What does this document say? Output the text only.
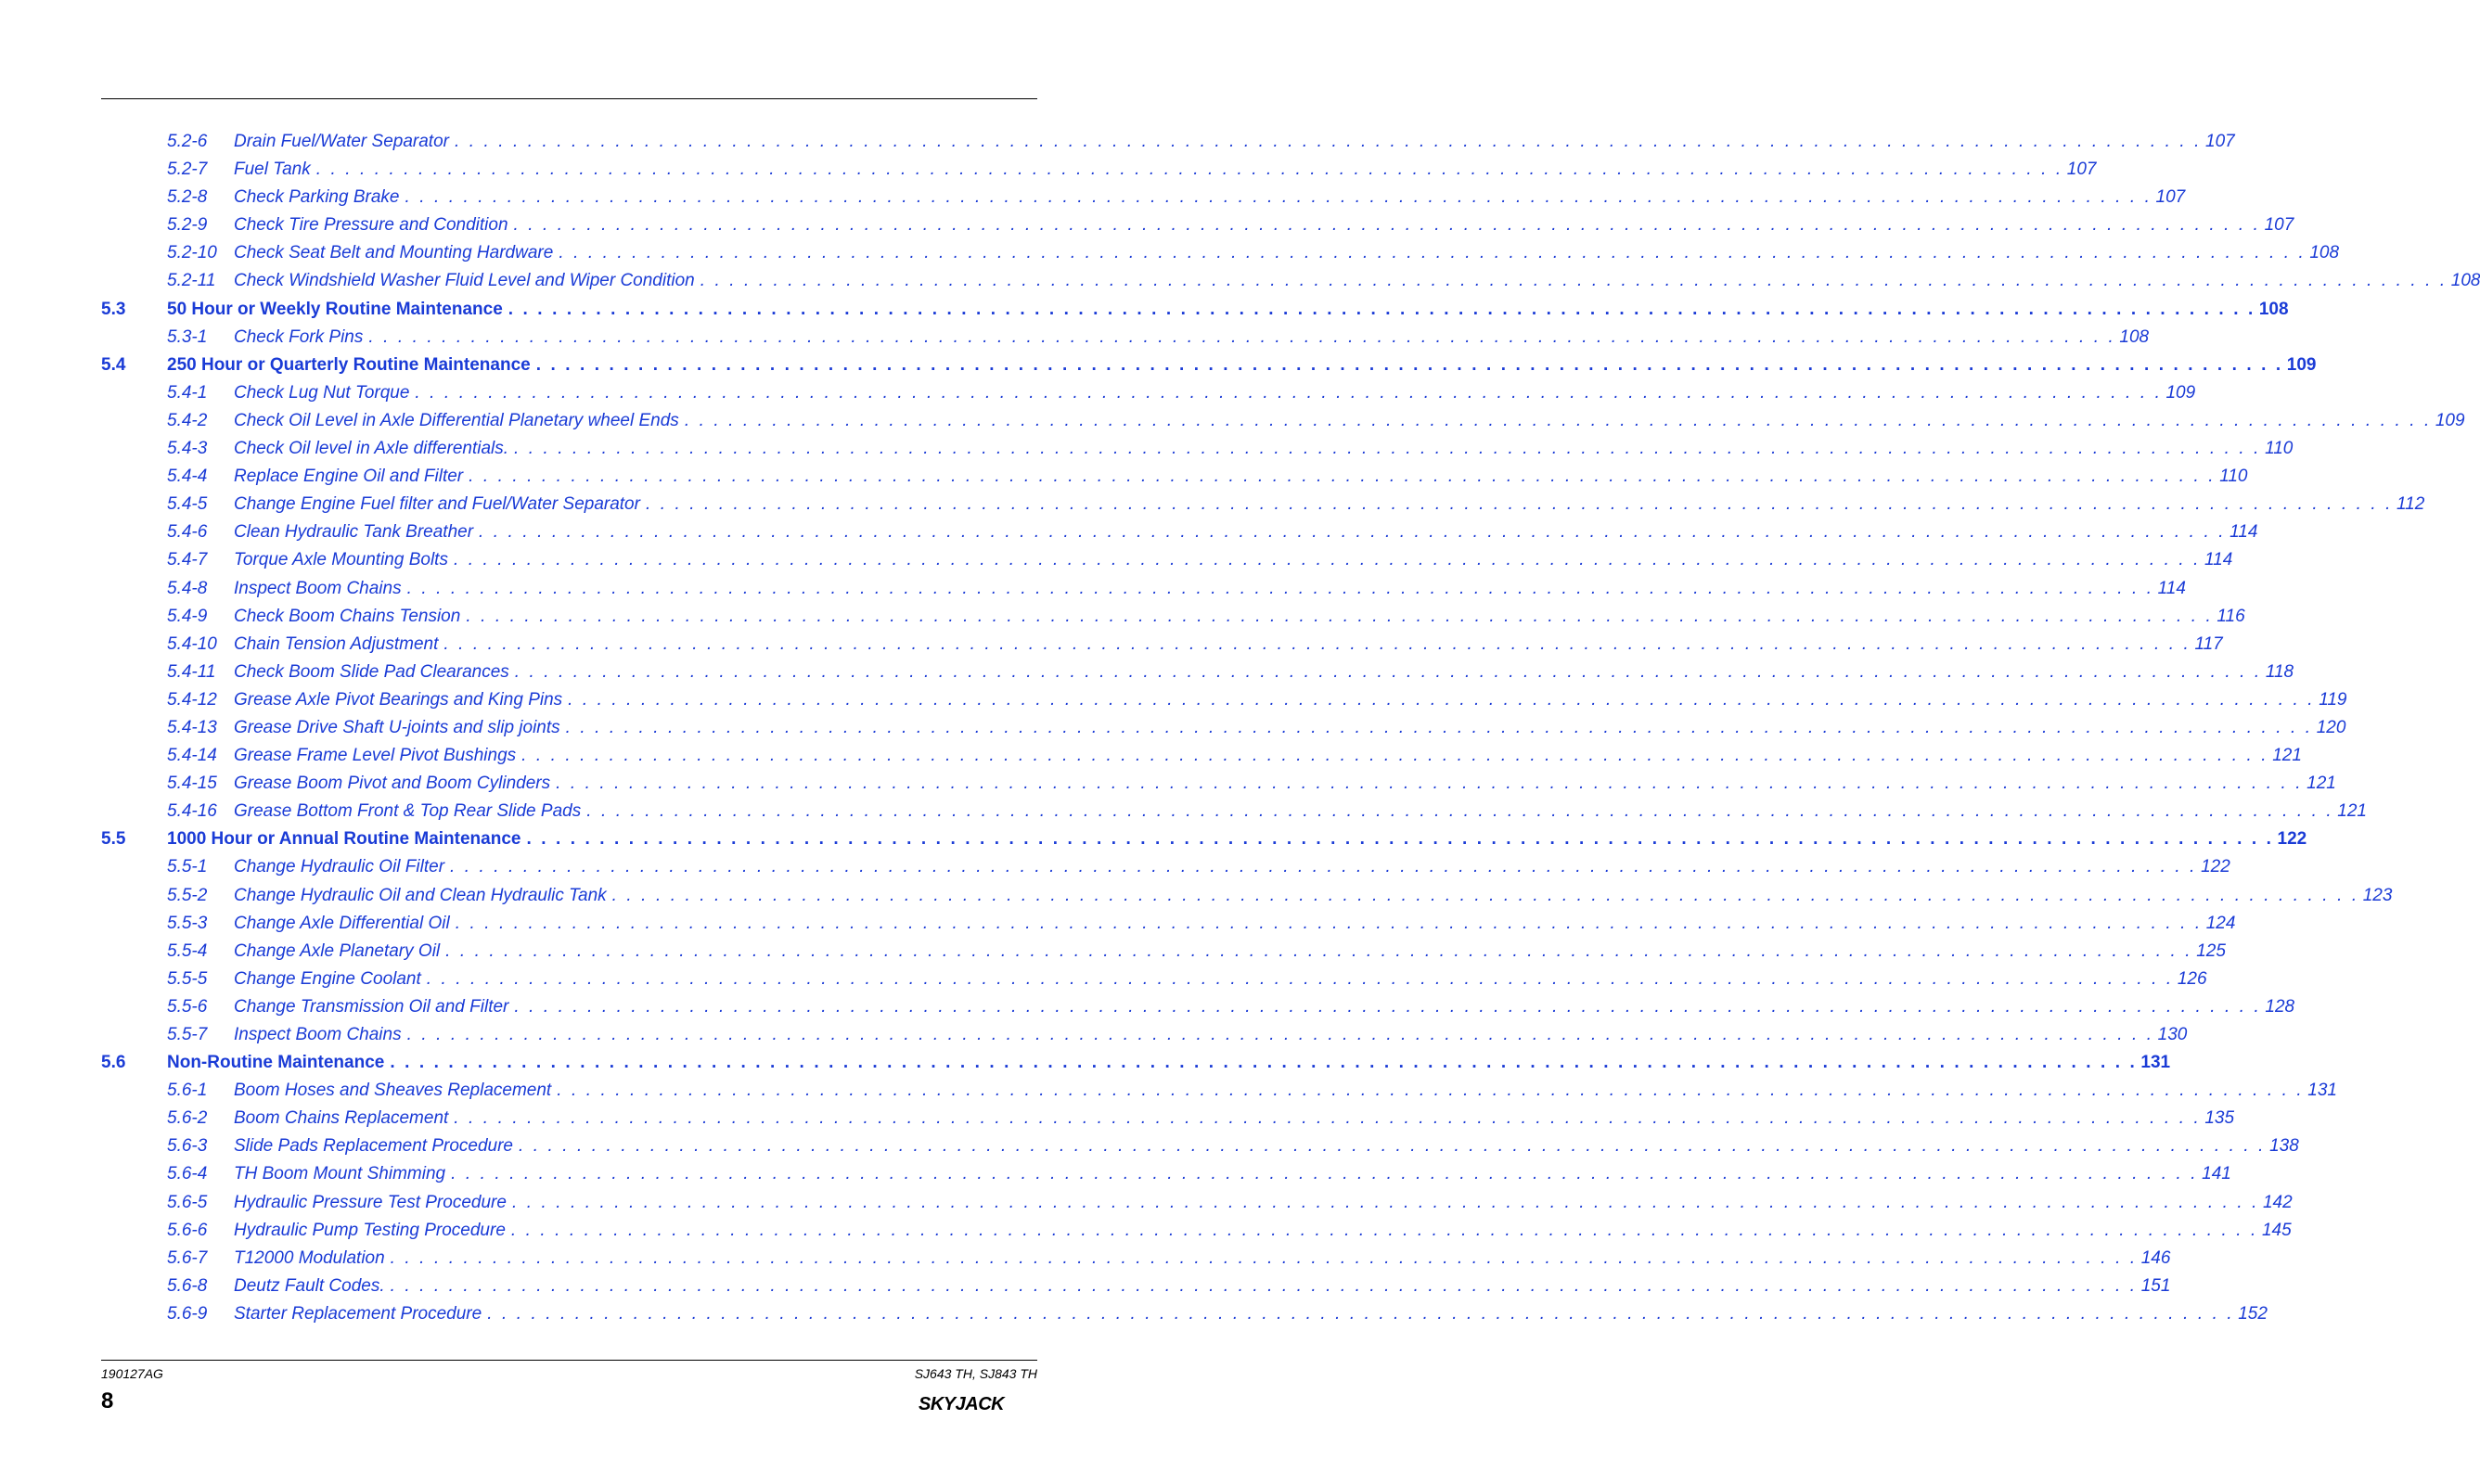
5.2-6 Drain Fuel/Water Separator . . . . . . . . . . . . . . . . . . . . . . . . . . . . . . . . . . . . . . . . . . . . . . . . . . . . . . . . . . . . . . . . . . . . . . . . . . . . . . . . . . . . . . . . . . . . . . . . . . . . . . . . . . . . . . . . . . . . . . . . 107
5.2-7 Fuel Tank . . . . . . . . . . . . . . . . . . . . . . . . . . . . . . . . . . . . . . . . . . . . . . . . . . . . . . . . . . . . . . . . . . . . . . . . . . . . . . . . . . . . . . . . . . . . . . . . . . . . . . . . . . . . . . . . . . . . . . . . 107
5.2-8 Check Parking Brake . . . . . . . . . . . . . . . . . . . . . . . . . . . . . . . . . . . . . . . . . . . . . . . . . . . . . . . . . . . . . . . . . . . . . . . . . . . . . . . . . . . . . . . . . . . . . . . . . . . . . . . . . . . . . . . . . . . . . . . . 107
5.2-9 Check Tire Pressure and Condition . . . . . . . . . . . . . . . . . . . . . . . . . . . . . . . . . . . . . . . . . . . . . . . . . . . . . . . . . . . . . . . . . . . . . . . . . . . . . . . . . . . . . . . . . . . . . . . . . . . . . . . . . . . . . . . . . . . . . . . . 107
5.2-10 Check Seat Belt and Mounting Hardware . . . . . . . . . . . . . . . . . . . . . . . . . . . . . . . . . . . . . . . . . . . . . . . . . . . . . . . . . . . . . . . . . . . . . . . . . . . . . . . . . . . . . . . . . . . . . . . . . . . . . . . . . . . . . . . . . . . . . . . . 108
5.2-11 Check Windshield Washer Fluid Level and Wiper Condition . . . . . . . . . . . . . . . . . . . . . . . . . . . . . . . . . . . . . . . . . . . . . . . . . . . . . . . . . . . . . . . . . . . . . . . . . . . . . . . . . . . . . . . . . . . . . . . . . . . . . . . . . . . . . . . . . . . . . . . . 108
5.3 50 Hour or Weekly Routine Maintenance . . . . . . . . . . . . . . . . . . . . . . . . . . . . . . . . . . . . . . . . . . . . . . . . . . . . . . . . . . . . . . . . . . . . . . . . . . . . . . . . . . . . . . . . . . . . . . . . . . . . . . . . . . . . . . . . . . . . . . . . 108
5.3-1 Check Fork Pins . . . . . . . . . . . . . . . . . . . . . . . . . . . . . . . . . . . . . . . . . . . . . . . . . . . . . . . . . . . . . . . . . . . . . . . . . . . . . . . . . . . . . . . . . . . . . . . . . . . . . . . . . . . . . . . . . . . . . . . . 108
5.4 250 Hour or Quarterly Routine Maintenance . . . . . . . . . . . . . . . . . . . . . . . . . . . . . . . . . . . . . . . . . . . . . . . . . . . . . . . . . . . . . . . . . . . . . . . . . . . . . . . . . . . . . . . . . . . . . . . . . . . . . . . . . . . . . . . . . . . . . . . . 109
5.4-1 Check Lug Nut Torque . . . . . . . . . . . . . . . . . . . . . . . . . . . . . . . . . . . . . . . . . . . . . . . . . . . . . . . . . . . . . . . . . . . . . . . . . . . . . . . . . . . . . . . . . . . . . . . . . . . . . . . . . . . . . . . . . . . . . . . . 109
5.4-2 Check Oil Level in Axle Differential Planetary wheel Ends . . . . . . . . . . . . . . . . . . . . . . . . . . . . . . . . . . . . . . . . . . . . . . . . . . . . . . . . . . . . . . . . . . . . . . . . . . . . . . . . . . . . . . . . . . . . . . . . . . . . . . . . . . . . . . . . . . . . . . . . 109
5.4-3 Check Oil level in Axle differentials. . . . . . . . . . . . . . . . . . . . . . . . . . . . . . . . . . . . . . . . . . . . . . . . . . . . . . . . . . . . . . . . . . . . . . . . . . . . . . . . . . . . . . . . . . . . . . . . . . . . . . . . . . . . . . . . . . . . . . . . . 110
5.4-4 Replace Engine Oil and Filter . . . . . . . . . . . . . . . . . . . . . . . . . . . . . . . . . . . . . . . . . . . . . . . . . . . . . . . . . . . . . . . . . . . . . . . . . . . . . . . . . . . . . . . . . . . . . . . . . . . . . . . . . . . . . . . . . . . . . . . . 110
5.4-5 Change Engine Fuel filter and Fuel/Water Separator . . . . . . . . . . . . . . . . . . . . . . . . . . . . . . . . . . . . . . . . . . . . . . . . . . . . . . . . . . . . . . . . . . . . . . . . . . . . . . . . . . . . . . . . . . . . . . . . . . . . . . . . . . . . . . . . . . . . . . . . 112
5.4-6 Clean Hydraulic Tank Breather . . . . . . . . . . . . . . . . . . . . . . . . . . . . . . . . . . . . . . . . . . . . . . . . . . . . . . . . . . . . . . . . . . . . . . . . . . . . . . . . . . . . . . . . . . . . . . . . . . . . . . . . . . . . . . . . . . . . . . . . 114
5.4-7 Torque Axle Mounting Bolts . . . . . . . . . . . . . . . . . . . . . . . . . . . . . . . . . . . . . . . . . . . . . . . . . . . . . . . . . . . . . . . . . . . . . . . . . . . . . . . . . . . . . . . . . . . . . . . . . . . . . . . . . . . . . . . . . . . . . . . . 114
5.4-8 Inspect Boom Chains . . . . . . . . . . . . . . . . . . . . . . . . . . . . . . . . . . . . . . . . . . . . . . . . . . . . . . . . . . . . . . . . . . . . . . . . . . . . . . . . . . . . . . . . . . . . . . . . . . . . . . . . . . . . . . . . . . . . . . . . 114
5.4-9 Check Boom Chains Tension . . . . . . . . . . . . . . . . . . . . . . . . . . . . . . . . . . . . . . . . . . . . . . . . . . . . . . . . . . . . . . . . . . . . . . . . . . . . . . . . . . . . . . . . . . . . . . . . . . . . . . . . . . . . . . . . . . . . . . . . 116
5.4-10 Chain Tension Adjustment . . . . . . . . . . . . . . . . . . . . . . . . . . . . . . . . . . . . . . . . . . . . . . . . . . . . . . . . . . . . . . . . . . . . . . . . . . . . . . . . . . . . . . . . . . . . . . . . . . . . . . . . . . . . . . . . . . . . . . . . 117
5.4-11 Check Boom Slide Pad Clearances . . . . . . . . . . . . . . . . . . . . . . . . . . . . . . . . . . . . . . . . . . . . . . . . . . . . . . . . . . . . . . . . . . . . . . . . . . . . . . . . . . . . . . . . . . . . . . . . . . . . . . . . . . . . . . . . . . . . . . . . 118
5.4-12 Grease Axle Pivot Bearings and King Pins . . . . . . . . . . . . . . . . . . . . . . . . . . . . . . . . . . . . . . . . . . . . . . . . . . . . . . . . . . . . . . . . . . . . . . . . . . . . . . . . . . . . . . . . . . . . . . . . . . . . . . . . . . . . . . . . . . . . . . . . 119
5.4-13 Grease Drive Shaft U-joints and slip joints . . . . . . . . . . . . . . . . . . . . . . . . . . . . . . . . . . . . . . . . . . . . . . . . . . . . . . . . . . . . . . . . . . . . . . . . . . . . . . . . . . . . . . . . . . . . . . . . . . . . . . . . . . . . . . . . . . . . . . . . 120
5.4-14 Grease Frame Level Pivot Bushings . . . . . . . . . . . . . . . . . . . . . . . . . . . . . . . . . . . . . . . . . . . . . . . . . . . . . . . . . . . . . . . . . . . . . . . . . . . . . . . . . . . . . . . . . . . . . . . . . . . . . . . . . . . . . . . . . . . . . . . . 121
5.4-15 Grease Boom Pivot and Boom Cylinders . . . . . . . . . . . . . . . . . . . . . . . . . . . . . . . . . . . . . . . . . . . . . . . . . . . . . . . . . . . . . . . . . . . . . . . . . . . . . . . . . . . . . . . . . . . . . . . . . . . . . . . . . . . . . . . . . . . . . . . . 121
5.4-16 Grease Bottom Front & Top Rear Slide Pads . . . . . . . . . . . . . . . . . . . . . . . . . . . . . . . . . . . . . . . . . . . . . . . . . . . . . . . . . . . . . . . . . . . . . . . . . . . . . . . . . . . . . . . . . . . . . . . . . . . . . . . . . . . . . . . . . . . . . . . . 121
5.5 1000 Hour or Annual Routine Maintenance . . . . . . . . . . . . . . . . . . . . . . . . . . . . . . . . . . . . . . . . . . . . . . . . . . . . . . . . . . . . . . . . . . . . . . . . . . . . . . . . . . . . . . . . . . . . . . . . . . . . . . . . . . . . . . . . . . . . . . . . 122
5.5-1 Change Hydraulic Oil Filter . . . . . . . . . . . . . . . . . . . . . . . . . . . . . . . . . . . . . . . . . . . . . . . . . . . . . . . . . . . . . . . . . . . . . . . . . . . . . . . . . . . . . . . . . . . . . . . . . . . . . . . . . . . . . . . . . . . . . . . . 122
5.5-2 Change Hydraulic Oil and Clean Hydraulic Tank . . . . . . . . . . . . . . . . . . . . . . . . . . . . . . . . . . . . . . . . . . . . . . . . . . . . . . . . . . . . . . . . . . . . . . . . . . . . . . . . . . . . . . . . . . . . . . . . . . . . . . . . . . . . . . . . . . . . . . . . 123
5.5-3 Change Axle Differential Oil . . . . . . . . . . . . . . . . . . . . . . . . . . . . . . . . . . . . . . . . . . . . . . . . . . . . . . . . . . . . . . . . . . . . . . . . . . . . . . . . . . . . . . . . . . . . . . . . . . . . . . . . . . . . . . . . . . . . . . . . 124
5.5-4 Change Axle Planetary Oil . . . . . . . . . . . . . . . . . . . . . . . . . . . . . . . . . . . . . . . . . . . . . . . . . . . . . . . . . . . . . . . . . . . . . . . . . . . . . . . . . . . . . . . . . . . . . . . . . . . . . . . . . . . . . . . . . . . . . . . . 125
5.5-5 Change Engine Coolant . . . . . . . . . . . . . . . . . . . . . . . . . . . . . . . . . . . . . . . . . . . . . . . . . . . . . . . . . . . . . . . . . . . . . . . . . . . . . . . . . . . . . . . . . . . . . . . . . . . . . . . . . . . . . . . . . . . . . . . . 126
5.5-6 Change Transmission Oil and Filter . . . . . . . . . . . . . . . . . . . . . . . . . . . . . . . . . . . . . . . . . . . . . . . . . . . . . . . . . . . . . . . . . . . . . . . . . . . . . . . . . . . . . . . . . . . . . . . . . . . . . . . . . . . . . . . . . . . . . . . . 128
5.5-7 Inspect Boom Chains . . . . . . . . . . . . . . . . . . . . . . . . . . . . . . . . . . . . . . . . . . . . . . . . . . . . . . . . . . . . . . . . . . . . . . . . . . . . . . . . . . . . . . . . . . . . . . . . . . . . . . . . . . . . . . . . . . . . . . . . 130
5.6 Non-Routine Maintenance . . . . . . . . . . . . . . . . . . . . . . . . . . . . . . . . . . . . . . . . . . . . . . . . . . . . . . . . . . . . . . . . . . . . . . . . . . . . . . . . . . . . . . . . . . . . . . . . . . . . . . . . . . . . . . . . . . . . . . . . 131
5.6-1 Boom Hoses and Sheaves Replacement . . . . . . . . . . . . . . . . . . . . . . . . . . . . . . . . . . . . . . . . . . . . . . . . . . . . . . . . . . . . . . . . . . . . . . . . . . . . . . . . . . . . . . . . . . . . . . . . . . . . . . . . . . . . . . . . . . . . . . . . 131
5.6-2 Boom Chains Replacement . . . . . . . . . . . . . . . . . . . . . . . . . . . . . . . . . . . . . . . . . . . . . . . . . . . . . . . . . . . . . . . . . . . . . . . . . . . . . . . . . . . . . . . . . . . . . . . . . . . . . . . . . . . . . . . . . . . . . . . . 135
5.6-3 Slide Pads Replacement Procedure . . . . . . . . . . . . . . . . . . . . . . . . . . . . . . . . . . . . . . . . . . . . . . . . . . . . . . . . . . . . . . . . . . . . . . . . . . . . . . . . . . . . . . . . . . . . . . . . . . . . . . . . . . . . . . . . . . . . . . . . 138
5.6-4 TH Boom Mount Shimming . . . . . . . . . . . . . . . . . . . . . . . . . . . . . . . . . . . . . . . . . . . . . . . . . . . . . . . . . . . . . . . . . . . . . . . . . . . . . . . . . . . . . . . . . . . . . . . . . . . . . . . . . . . . . . . . . . . . . . . . 141
5.6-5 Hydraulic Pressure Test Procedure . . . . . . . . . . . . . . . . . . . . . . . . . . . . . . . . . . . . . . . . . . . . . . . . . . . . . . . . . . . . . . . . . . . . . . . . . . . . . . . . . . . . . . . . . . . . . . . . . . . . . . . . . . . . . . . . . . . . . . . . 142
5.6-6 Hydraulic Pump Testing Procedure . . . . . . . . . . . . . . . . . . . . . . . . . . . . . . . . . . . . . . . . . . . . . . . . . . . . . . . . . . . . . . . . . . . . . . . . . . . . . . . . . . . . . . . . . . . . . . . . . . . . . . . . . . . . . . . . . . . . . . . . 145
5.6-7 T12000 Modulation . . . . . . . . . . . . . . . . . . . . . . . . . . . . . . . . . . . . . . . . . . . . . . . . . . . . . . . . . . . . . . . . . . . . . . . . . . . . . . . . . . . . . . . . . . . . . . . . . . . . . . . . . . . . . . . . . . . . . . . . 146
5.6-8 Deutz Fault Codes. . . . . . . . . . . . . . . . . . . . . . . . . . . . . . . . . . . . . . . . . . . . . . . . . . . . . . . . . . . . . . . . . . . . . . . . . . . . . . . . . . . . . . . . . . . . . . . . . . . . . . . . . . . . . . . . . . . . . . . . . 151
5.6-9 Starter Replacement Procedure . . . . . . . . . . . . . . . . . . . . . . . . . . . . . . . . . . . . . . . . . . . . . . . . . . . . . . . . . . . . . . . . . . . . . . . . . . . . . . . . . . . . . . . . . . . . . . . . . . . . . . . . . . . . . . . . . . . . . . . . 152
190127AG	SJ643 TH, SJ843 TH
8	SKYJACK
